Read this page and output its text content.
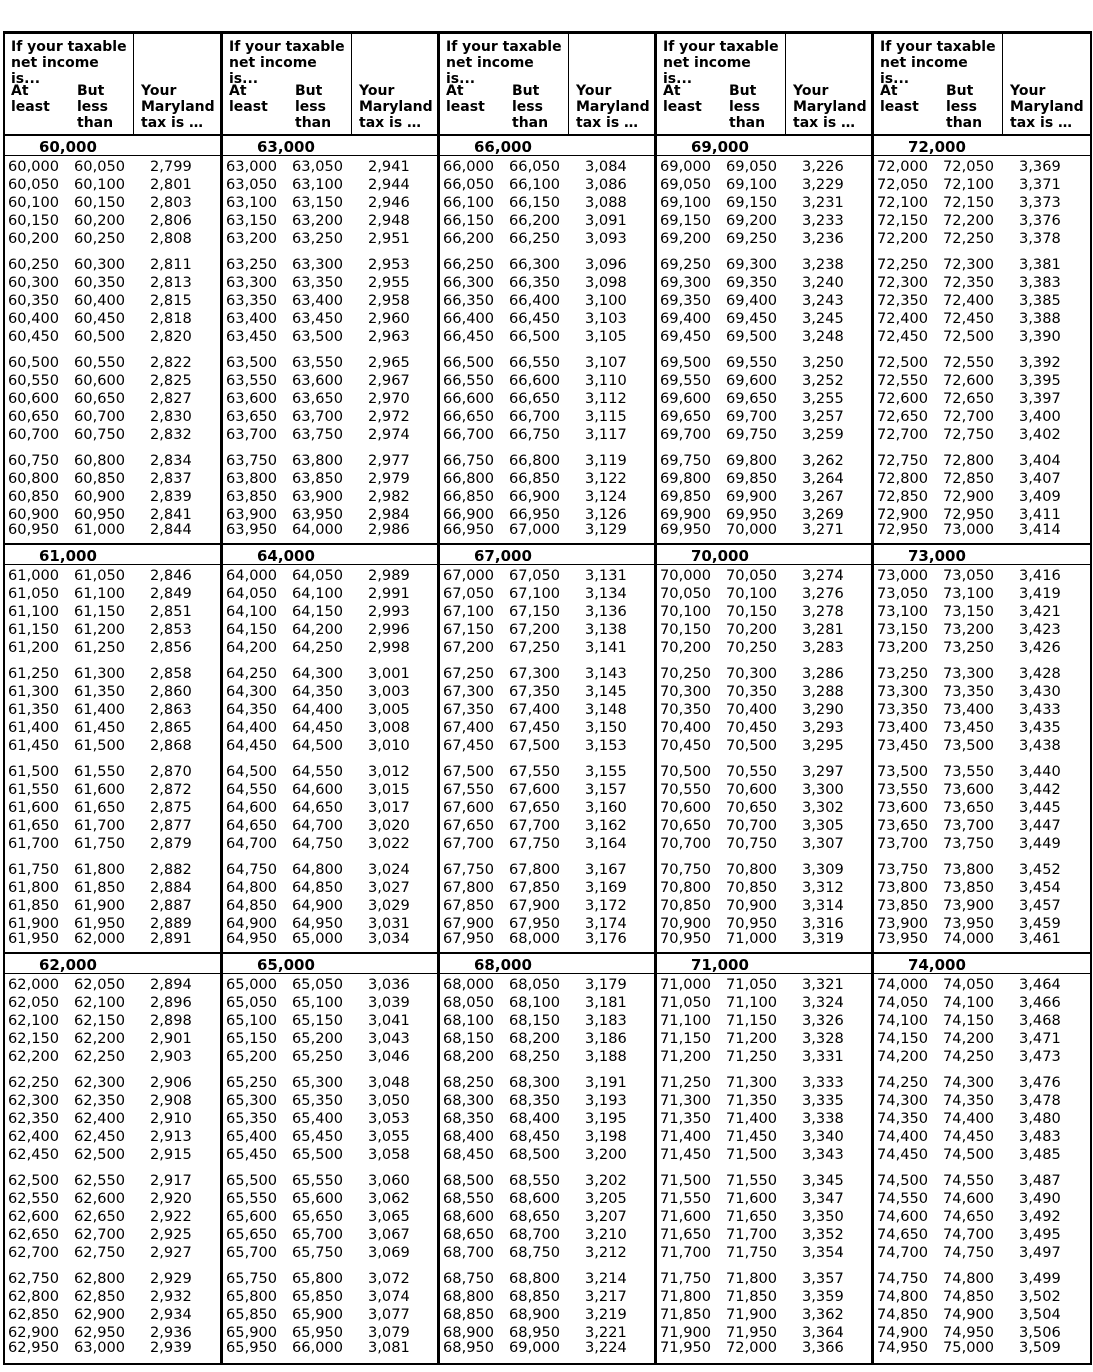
If your taxable net income is...
At least
But less than
Your Maryland tax is …
60,000
60,000 60,050 2,799
60,050 60,100 2,801
60,100 60,150 2,803
60,150 60,200 2,806
60,200 60,250 2,808
60,250 60,300 2,811
60,300 60,350 2,813
60,350 60,400 2,815
60,400 60,450 2,818
60,450 60,500 2,820
60,500 60,550 2,822
60,550 60,600 2,825
60,600 60,650 2,827
60,650 60,700 2,830
60,700 60,750 2,832
60,750 60,800 2,834
60,800 60,850 2,837
60,850 60,900 2,839
60,900 60,950 2,841
60,950 61,000 2,844
61,000
61,000 61,050 2,846
61,050 61,100 2,849
61,100 61,150 2,851
61,150 61,200 2,853
61,200 61,250 2,856
61,250 61,300 2,858
61,300 61,350 2,860
61,350 61,400 2,863
61,400 61,450 2,865
61,450 61,500 2,868
61,500 61,550 2,870
61,550 61,600 2,872
61,600 61,650 2,875
61,650 61,700 2,877
61,700 61,750 2,879
61,750 61,800 2,882
61,800 61,850 2,884
61,850 61,900 2,887
61,900 61,950 2,889
61,950 62,000 2,891
62,000
62,000 62,050 2,894
62,050 62,100 2,896
62,100 62,150 2,898
62,150 62,200 2,901
62,200 62,250 2,903
62,250 62,300 2,906
62,300 62,350 2,908
62,350 62,400 2,910
62,400 62,450 2,913
62,450 62,500 2,915
62,500 62,550 2,917
62,550 62,600 2,920
62,600 62,650 2,922
62,650 62,700 2,925
62,700 62,750 2,927
62,750 62,800 2,929
62,800 62,850 2,932
62,850 62,900 2,934
62,900 62,950 2,936
62,950 63,000 2,939
If your taxable net income is...
At least
But less than
Your Maryland tax is …
63,000
63,000 63,050 2,941
63,050 63,100 2,944
63,100 63,150 2,946
63,150 63,200 2,948
63,200 63,250 2,951
63,250 63,300 2,953
63,300 63,350 2,955
63,350 63,400 2,958
63,400 63,450 2,960
63,450 63,500 2,963
63,500 63,550 2,965
63,550 63,600 2,967
63,600 63,650 2,970
63,650 63,700 2,972
63,700 63,750 2,974
63,750 63,800 2,977
63,800 63,850 2,979
63,850 63,900 2,982
63,900 63,950 2,984
63,950 64,000 2,986
64,000
64,000 64,050 2,989
64,050 64,100 2,991
64,100 64,150 2,993
64,150 64,200 2,996
64,200 64,250 2,998
64,250 64,300 3,001
64,300 64,350 3,003
64,350 64,400 3,005
64,400 64,450 3,008
64,450 64,500 3,010
64,500 64,550 3,012
64,550 64,600 3,015
64,600 64,650 3,017
64,650 64,700 3,020
64,700 64,750 3,022
64,750 64,800 3,024
64,800 64,850 3,027
64,850 64,900 3,029
64,900 64,950 3,031
64,950 65,000 3,034
65,000
65,000 65,050 3,036
65,050 65,100 3,039
65,100 65,150 3,041
65,150 65,200 3,043
65,200 65,250 3,046
65,250 65,300 3,048
65,300 65,350 3,050
65,350 65,400 3,053
65,400 65,450 3,055
65,450 65,500 3,058
65,500 65,550 3,060
65,550 65,600 3,062
65,600 65,650 3,065
65,650 65,700 3,067
65,700 65,750 3,069
65,750 65,800 3,072
65,800 65,850 3,074
65,850 65,900 3,077
65,900 65,950 3,079
65,950 66,000 3,081
If your taxable net income is...
At least
But less than
Your Maryland tax is …
66,000
66,000 66,050 3,084
66,050 66,100 3,086
66,100 66,150 3,088
66,150 66,200 3,091
66,200 66,250 3,093
66,250 66,300 3,096
66,300 66,350 3,098
66,350 66,400 3,100
66,400 66,450 3,103
66,450 66,500 3,105
66,500 66,550 3,107
66,550 66,600 3,110
66,600 66,650 3,112
66,650 66,700 3,115
66,700 66,750 3,117
66,750 66,800 3,119
66,800 66,850 3,122
66,850 66,900 3,124
66,900 66,950 3,126
66,950 67,000 3,129
67,000
67,000 67,050 3,131
67,050 67,100 3,134
67,100 67,150 3,136
67,150 67,200 3,138
67,200 67,250 3,141
67,250 67,300 3,143
67,300 67,350 3,145
67,350 67,400 3,148
67,400 67,450 3,150
67,450 67,500 3,153
67,500 67,550 3,155
67,550 67,600 3,157
67,600 67,650 3,160
67,650 67,700 3,162
67,700 67,750 3,164
67,750 67,800 3,167
67,800 67,850 3,169
67,850 67,900 3,172
67,900 67,950 3,174
67,950 68,000 3,176
68,000
68,000 68,050 3,179
68,050 68,100 3,181
68,100 68,150 3,183
68,150 68,200 3,186
68,200 68,250 3,188
68,250 68,300 3,191
68,300 68,350 3,193
68,350 68,400 3,195
68,400 68,450 3,198
68,450 68,500 3,200
68,500 68,550 3,202
68,550 68,600 3,205
68,600 68,650 3,207
68,650 68,700 3,210
68,700 68,750 3,212
68,750 68,800 3,214
68,800 68,850 3,217
68,850 68,900 3,219
68,900 68,950 3,221
68,950 69,000 3,224
If your taxable net income is...
At least
But less than
Your Maryland tax is …
69,000
69,000 69,050 3,226
69,050 69,100 3,229
69,100 69,150 3,231
69,150 69,200 3,233
69,200 69,250 3,236
69,250 69,300 3,238
69,300 69,350 3,240
69,350 69,400 3,243
69,400 69,450 3,245
69,450 69,500 3,248
69,500 69,550 3,250
69,550 69,600 3,252
69,600 69,650 3,255
69,650 69,700 3,257
69,700 69,750 3,259
69,750 69,800 3,262
69,800 69,850 3,264
69,850 69,900 3,267
69,900 69,950 3,269
69,950 70,000 3,271
70,000
70,000 70,050 3,274
70,050 70,100 3,276
70,100 70,150 3,278
70,150 70,200 3,281
70,200 70,250 3,283
70,250 70,300 3,286
70,300 70,350 3,288
70,350 70,400 3,290
70,400 70,450 3,293
70,450 70,500 3,295
70,500 70,550 3,297
70,550 70,600 3,300
70,600 70,650 3,302
70,650 70,700 3,305
70,700 70,750 3,307
70,750 70,800 3,309
70,800 70,850 3,312
70,850 70,900 3,314
70,900 70,950 3,316
70,950 71,000 3,319
71,000
71,000 71,050 3,321
71,050 71,100 3,324
71,100 71,150 3,326
71,150 71,200 3,328
71,200 71,250 3,331
71,250 71,300 3,333
71,300 71,350 3,335
71,350 71,400 3,338
71,400 71,450 3,340
71,450 71,500 3,343
71,500 71,550 3,345
71,550 71,600 3,347
71,600 71,650 3,350
71,650 71,700 3,352
71,700 71,750 3,354
71,750 71,800 3,357
71,800 71,850 3,359
71,850 71,900 3,362
71,900 71,950 3,364
71,950 72,000 3,366
If your taxable net income is...
At least
But less than
Your Maryland tax is …
72,000
72,000 72,050 3,369
72,050 72,100 3,371
72,100 72,150 3,373
72,150 72,200 3,376
72,200 72,250 3,378
72,250 72,300 3,381
72,300 72,350 3,383
72,350 72,400 3,385
72,400 72,450 3,388
72,450 72,500 3,390
72,500 72,550 3,392
72,550 72,600 3,395
72,600 72,650 3,397
72,650 72,700 3,400
72,700 72,750 3,402
72,750 72,800 3,404
72,800 72,850 3,407
72,850 72,900 3,409
72,900 72,950 3,411
72,950 73,000 3,414
73,000
73,000 73,050 3,416
73,050 73,100 3,419
73,100 73,150 3,421
73,150 73,200 3,423
73,200 73,250 3,426
73,250 73,300 3,428
73,300 73,350 3,430
73,350 73,400 3,433
73,400 73,450 3,435
73,450 73,500 3,438
73,500 73,550 3,440
73,550 73,600 3,442
73,600 73,650 3,445
73,650 73,700 3,447
73,700 73,750 3,449
73,750 73,800 3,452
73,800 73,850 3,454
73,850 73,900 3,457
73,900 73,950 3,459
73,950 74,000 3,461
74,000
74,000 74,050 3,464
74,050 74,100 3,466
74,100 74,150 3,468
74,150 74,200 3,471
74,200 74,250 3,473
74,250 74,300 3,476
74,300 74,350 3,478
74,350 74,400 3,480
74,400 74,450 3,483
74,450 74,500 3,485
74,500 74,550 3,487
74,550 74,600 3,490
74,600 74,650 3,492
74,650 74,700 3,495
74,700 74,750 3,497
74,750 74,800 3,499
74,800 74,850 3,502
74,850 74,900 3,504
74,900 74,950 3,506
74,950 75,000 3,509
